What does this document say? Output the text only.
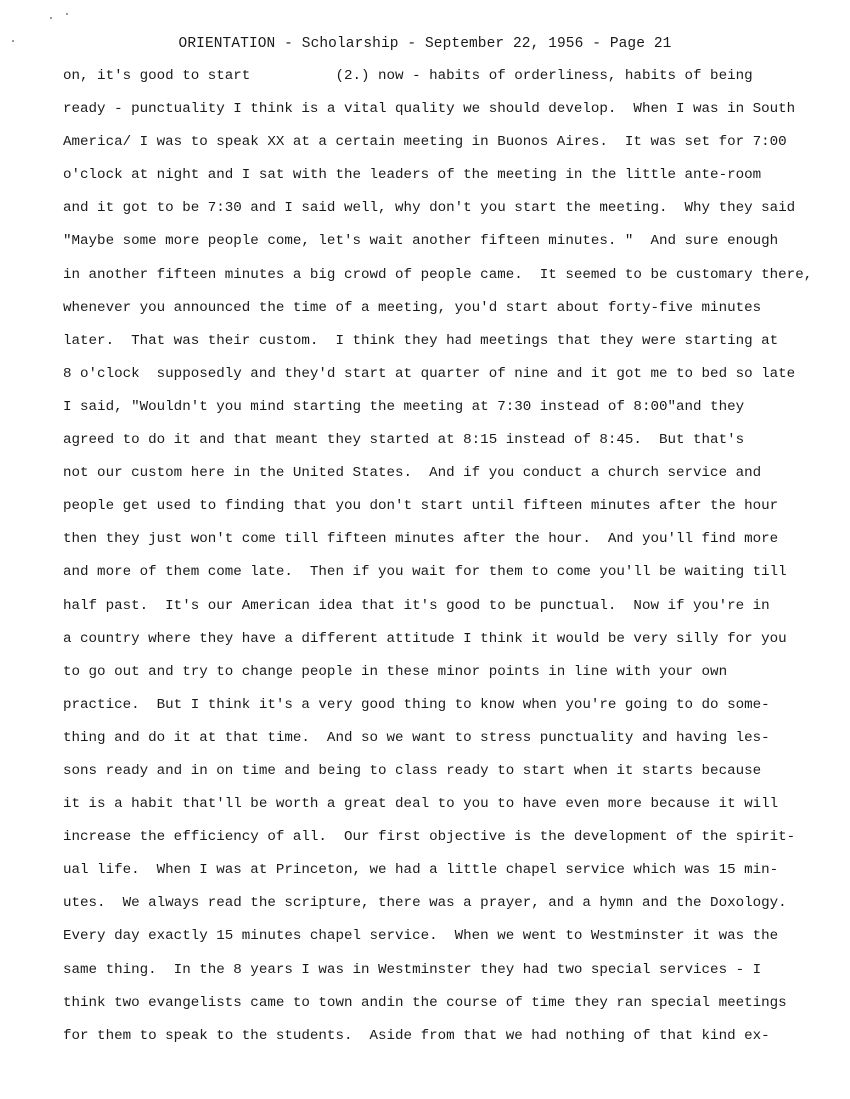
ORIENTATION - Scholarship - September 22, 1956 - Page 21
on, it's good to start          (2.) now - habits of orderliness, habits of being
ready - punctuality I think is a vital quality we should develop.  When I was in South
America/ I was to speak XX at a certain meeting in Buonos Aires.  It was set for 7:00
o'clock at night and I sat with the leaders of the meeting in the little ante-room
and it got to be 7:30 and I said well, why don't you start the meeting.  Why they said
"Maybe some more people come, let's wait another fifteen minutes. "  And sure enough
in another fifteen minutes a big crowd of people came.  It seemed to be customary there,
whenever you announced the time of a meeting, you'd start about forty-five minutes
later.  That was their custom.  I think they had meetings that they were starting at
8 o'clock  supposedly and they'd start at quarter of nine and it got me to bed so late
I said, "Wouldn't you mind starting the meeting at 7:30 instead of 8:00"and they
agreed to do it and that meant they started at 8:15 instead of 8:45.  But that's
not our custom here in the United States.  And if you conduct a church service and
people get used to finding that you don't start until fifteen minutes after the hour
then they just won't come till fifteen minutes after the hour.  And you'll find more
and more of them come late.  Then if you wait for them to come you'll be waiting till
half past.  It's our American idea that it's good to be punctual.  Now if you're in
a country where they have a different attitude I think it would be very silly for you
to go out and try to change people in these minor points in line with your own
practice.  But I think it's a very good thing to know when you're going to do some-
thing and do it at that time.  And so we want to stress punctuality and having les-
sons ready and in on time and being to class ready to start when it starts because
it is a habit that'll be worth a great deal to you to have even more because it will
increase the efficiency of all.  Our first objective is the development of the spirit-
ual life.  When I was at Princeton, we had a little chapel service which was 15 min-
utes.  We always read the scripture, there was a prayer, and a hymn and the Doxology.
Every day exactly 15 minutes chapel service.  When we went to Westminster it was the
same thing.  In the 8 years I was in Westminster they had two special services - I
think two evangelists came to town andin the course of time they ran special meetings
for them to speak to the students.  Aside from that we had nothing of that kind ex-
